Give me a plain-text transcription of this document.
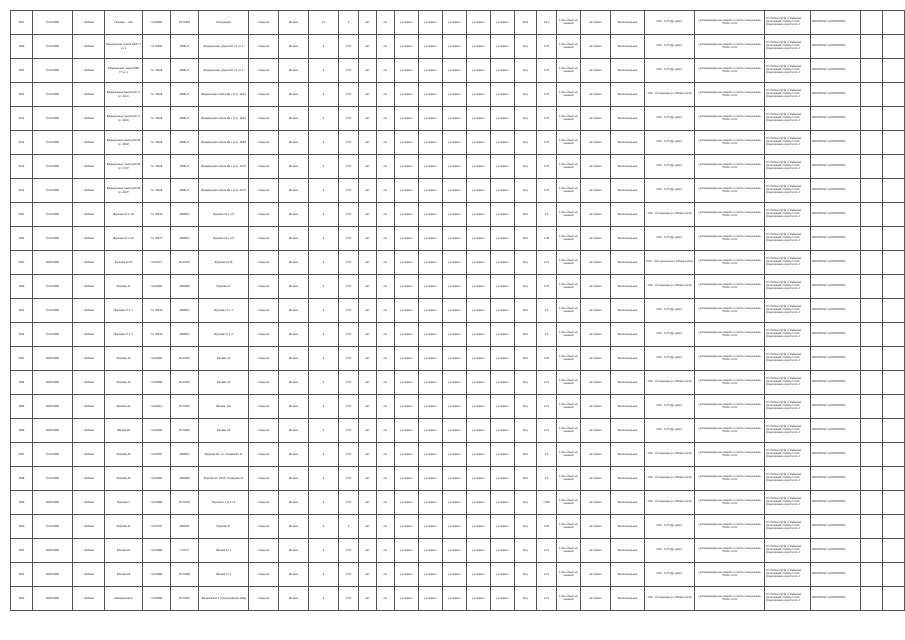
2467	07.03.2000	г. Рыбное	Упрощен ... вое	7а.00056	03.70618	Упрощенная	Открытая	Металл	41	1	нет	нет	не опасно	не опасно	не опасно	не опасно	не опасно	00 м	1.0 м	1 уров. объект нет сведений	не опасно	Муниципальная	ООО · П·ЛП (Дн. заявл.)	(программа/развитие) экономит. и участок с консультации ГПОО'» № 04	10 / Рыбное 200 кв. (Справочная проектная) ДЗ / Рыбное 1.10 кв. (Средственная нулев) 01 сост. 1	(05012/6/РЭ) 1 /Д (00/26/00/6/1)		
2469	07.03.2000	г. Рыбное	Федеральная трасса НЕХ 77 ул. 1	7а.79405	76/08.71	Федеральная трасса М1 / П ул. 1	Открытая	Металл	3	0.70	нет	нет	не опасно	не опасно	не опасно	не опасно	не опасно	40 д	1.70	1 уров. объект нет сведений	не опасно	Муниципальная	ООО · П·ЛП (Дн. заявл.)	(программа/развитие) экономит. и участок с консультации ГПОО'» № 04	10 / Рыбное 200 кв. (Справочная проектная) ДЗ / Рыбное 1.10 кв. (Средственная нулев) 01 сост. 1	(05012/6/РЭ) 1 /Д (00/26/00/6/1)		
2461	07.03.2000	г. Рыбное	Федеральная трасса МКН 77 ул. 1	7а. 76405	40/08.71	Федеральная трасса М1 / П ул. 1	Открытая	Металл	3	0.70	нет	нет	не опасно	не опасно	не опасно	не опасно	не опасно	40 д	1.70	1 уров. объект нет сведений	не опасно	Муниципальная	ООО · П·ЛП (Дн. заявл.)	(программа/развитие) экономит. и участок с консультации ГПОО'» № 04	10 / Рыбное 200 кв. (Справочная проектная) ДЗ / Рыбное 1.10 кв. (Средственная нулев) 01 сост. 1	(05012/6/РЭ) 1 /Д (00/26/00/6/1)		
2462	07.03.2000	г. Рыбное	Федеральная трасса МН 77 ул. 11/13	7а. 76405	40/08.71	Федеральная трасса М1 / П ул. 11/13	Открытая	Металл	3	0.70	нет	нет	не опасно	не опасно	не опасно	не опасно	не опасно	40 д	1.70	1 уров. объект нет сведений	не опасно	Муниципальная	ООО · Ситуационная ул. (Общая группа)	(программа/развитие) экономит. и участок с консультации ГПОО'» № 04	10 / Рыбное 200 кв. (Справочная проектная) ДЗ / Рыбное 1.10 кв. (Средственная нулев) 01 сост. 1	(05012/6/РЭ) 1 /Д (00/26/00/6/1)		
2471	07.03.2000	г. Рыбное	Федеральная трасса МН 77 ул. 14/16	7а. 76405	40/08.71	Федеральная трасса М1 / П ул. 14/16	Открытая	Металл	1	0.70	нет	нет	не опасно	не опасно	не опасно	не опасно	не опасно	40 д	1.70	1 уров. объект нет сведений	не опасно	Муниципальная	ООО · П·ЛП (Дн. заявл.)	(программа/развитие) экономит. и участок с консультации ГПОО'» № 04	10 / Рыбное 200 кв. (Справочная проектная) ДЗ / Рыбное 1.10 кв. (Средственная нулев) 01 сост. 1	(05012/6/РЭ) 1 /Д (00/26/00/6/1)		
2472	07.03.2000	г. Рыбное	Федеральная трасса МН 99 ул. 15/18	7а. 76405	40/08.71	Федеральная трасса М1 / Н ул. 15/18	Открытая	Металл	3	0.70	нет	нет	не опасно	не опасно	не опасно	не опасно	не опасно	40 д	1.70	1 уров. объект нет сведений	не опасно	Муниципальная	ООО · П·ЛП (Дн. заявл.)	(программа/развитие) экономит. и участок с консультации ГПОО'» № 04	10 / Рыбное 200 кв. (Справочная проектная) ДЗ / Рыбное 1.10 кв. (Средственная нулев) 01 сост. 1	(05012/6/РЭ) 1 /Д (00/26/00/6/1)		
2473	07.03.2000	г. Рыбное	Федеральная трасса МН 99 ул. 17/27	7а. 76405	76/08.71	Федеральная трасса М1 / Н ул. 17/27	Открытая	Металл	1	0.70	нет	нет	не опасно	не опасно	не опасно	не опасно	не опасно	40 д	1.70	1 уров. объект нет сведений	не опасно	Муниципальная	ООО · П·ЛП (Дн. заявл.)	(программа/развитие) экономит. и участок с консультации ГПОО'» № 04	10 / Рыбное 200 кв. (Справочная проектная) ДЗ / Рыбное 1.10 кв. (Средственная нулев) 01 сост. 1	(05012/6/РЭ) 1 /Д (00/26/00/6/1)		
2474	07.03.2000	г. Рыбное	Федеральная трасса МН 99 ул. 21/27	7а. 76405	40/08.71	Федеральная трасса М1 / Н ул. 21/27	Открытая	Металл	3	0.70	нет	нет	не опасно	не опасно	не опасно	не опасно	не опасно	40 д	1.70	1 уров. объект нет сведений	не опасно	Муниципальная	ООО · П·ЛП (Дн. заявл.)	(программа/развитие) экономит. и участок с консультации ГПОО'» № 04	10 / Рыбное 200 кв. (Справочная проектная) ДЗ / Рыбное 1.10 кв. (Средственная нулев) 01 сост. 1	(05012/6/РЭ) 1 /Д (00/26/00/6/1)		
2481	07.03.2000	г. Рыбное	Фурнова 31 к. 1/1	7а. 00576	40/09/04	Фурнова 31 к. 1/1	Открытая	Металл	3	0.70	нет	нет	не опасно	не опасно	не опасно	не опасно	не опасно	40 б	2.0	1 уров. объект нет сведений	не опасно	Муниципальная	ООО · Ситуационная ул. (Общая группа)	(программа/развитие) экономит. и участок с консультации ГПОО'» № 04	10 / Рыбное 200 кв. (Справочная проектная) ДЗ / Рыбное 1.10 кв. (Средственная нулев) 01 сост. 1	(05012/6/РЭ) 1 /Д (00/26/00/6/1)		
2482	07.03.2000	г. Рыбное	Фурнова 31 к. 2/1	7а. 00577	40/09/04	Фурнова 31 к. 2/1	Открытая	Металл	3	0.70	нет	нет	не опасно	не опасно	не опасно	не опасно	не опасно	40 б	1.45	1 уров. объект нет сведений	не опасно	Муниципальная	ООО · П·ЛП (Дн. заявл.)	(программа/развитие) экономит. и участок с консультации ГПОО'» № 04	10 / Рыбное 200 кв. (Справочная проектная) ДЗ / Рыбное 1.10 кв. (Средственная нулев) 01 сост. 1	(05012/6/РЭ) 1 /Д (00/26/00/6/1)		
2483	02/01/2000	г. Рыбное	Фурнова 12 20	7а.02077	20.20710	Фурнова 12 20	Открытая	Металл	3	0.70	нет	нет	не опасно	не опасно	не опасно	не опасно	не опасно	20 д	1.21	1 уров. объект нет сведений	не опасно	Муниципальная	ООО · П Хоз-деятельность (Общая группа)	(программа/развитие) экономит. и участок с консультации ГПОО'» № 04	10 / Рыбное 200 кв. (Справочная проектная) ДЗ / Рыбное 1.10 кв. (Средственная нулев) 01 сост. 1	(05012/6/РЭ) 1 /Д (00/26/00/6/1)		
2469	07.03.2000	г. Рыбное	Фурнова 17	7а.00490	40/04/08	Фурнова 17	Открытая	Металл	1	0.70	нет	нет	не опасно	не опасно	не опасно	не опасно	не опасно	40 д	1.70	1 уров. объект нет сведений	не опасно	Муниципальная	ООО · Ситуационная ул. (Общая группа)	(программа/развитие) экономит. и участок с консультации ГПОО'» № 04	10 / Рыбное 200 кв. (Справочная проектная) ДЗ / Рыбное 1.10 кв. (Средственная нулев) 01 сост. 1	(05012/6/РЭ) 1 /Д (00/26/00/6/1)		
2441	07.03.2000	г. Рыбное	Фурнова 17 к. 1	7а. 00576	40/09/04	Фурнова 17 к. 1	Открытая	Металл	3	0.70	нет	нет	не опасно	не опасно	не опасно	не опасно	не опасно	40 б	2.0	1 уров. объект нет сведений	не опасно	Муниципальная	ООО · П·ЛП (Дн. заявл.)	(программа/развитие) экономит. и участок с консультации ГПОО'» № 04	10 / Рыбное 200 кв. (Справочная проектная) ДЗ / Рыбное 1.10 кв. (Средственная нулев) 01 сост. 1	(05012/6/РЭ) 1 /Д (00/26/00/6/1)		
2442	07.03.2000	г. Рыбное	Фурнова 17 к. 2	7а. 00576	40/09/04	Фурнова 17 к. 2	Открытая	Металл	3	0.70	нет	нет	не опасно	не опасно	не опасно	не опасно	не опасно	40 б	2.0	1 уров. объект нет сведений	не опасно	Муниципальная	ООО · П·ЛП (Дн. заявл.)	(программа/развитие) экономит. и участок с консультации ГПОО'» № 04	10 / Рыбное 200 кв. (Справочная проектная) ДЗ / Рыбное 1.10 кв. (Средственная нулев) 01 сост. 1	(05012/6/РЭ) 1 /Д (00/26/00/6/1)		
2451	02/01/2000	г. Рыбное	Фурнова 10	7а.00490	20.20142	Фасова, 10	Открытая	Металл	3	0.70	нет	нет	не опасно	не опасно	не опасно	не опасно	не опасно	40 б	2.00	1 уров. объект нет сведений	не опасно	Муниципальная	ООО · П·ЛП (Дн. заявл.)	(программа/развитие) экономит. и участок с консультации ГПОО'» № 04	10 / Рыбное 200 кв. (Справочная проектная) ДЗ / Рыбное 1.10 кв. (Средственная нулев) 01 сост. 1	(05012/6/РЭ) 1 /Д (00/26/00/6/1)		
2454	02/01/2000	г. Рыбное	Фурнова 10	7а.02089	20.20142	Фасова, 13	Открытая	Металл	1	0.70	нет	нет	не опасно	не опасно	не опасно	не опасно	не опасно	20 д	1.21	1 уров. объект нет сведений	не опасно	Муниципальная	ООО · Ситуационная ул. (Общая группа)	(программа/развитие) экономит. и участок с консультации ГПОО'» № 04	10 / Рыбное 200 кв. (Справочная проектная) ДЗ / Рыбное 1.10 кв. (Средственная нулев) 01 сост. 1	(05012/6/РЭ) 1 /Д (00/26/00/6/1)		
2455	02/01/2000	г. Рыбное	Фасова 14а	7а.00214	20.70212	Фасова, 14а	Открытая	Металл	3	0.70	нет	нет	не опасно	не опасно	не опасно	не опасно	не опасно	20 д	1.21	1 уров. объект нет сведений	не опасно	Муниципальная	ООО · П·ЛП (Дн. заявл.)	(программа/развитие) экономит. и участок с консультации ГПОО'» № 04	10 / Рыбное 200 кв. (Справочная проектная) ДЗ / Рыбное 1.10 кв. (Средственная нулев) 01 сост. 1	(05012/6/РЭ) 1 /Д (00/26/00/6/1)		
2456	02/01/2000	г. Рыбное	Фасова 18	7а.02209	20.70921	Фасова, 18	Открытая	Металл	1	0.70	нет	нет	не опасно	не опасно	не опасно	не опасно	не опасно	20 д	1.21	1 уров. объект нет сведений	не опасно	Муниципальная	ООО · П·ЛП (Дн. заявл.)	(программа/развитие) экономит. и участок с консультации ГПОО'» № 04	10 / Рыбное 200 кв. (Справочная проектная) ДЗ / Рыбное 1.10 кв. (Средственная нулев) 01 сост. 1	(05012/6/РЭ) 1 /Д (00/26/00/6/1)		
2457	07.03.2000	г. Рыбное	Фурнова 26	7а.00576	40/09/04	Фурнова 26 / 2 к. Складская 11	Открытая	Металл	3	0.70	нет	нет	не опасно	не опасно	не опасно	не опасно	не опасно	40 б	2.0	1 уров. объект нет сведений	не опасно	Муниципальная	ООО · Ситуационная ул. (Общая группа)	(программа/развитие) экономит. и участок с консультации ГПОО'» № 04	10 / Рыбное 200 кв. (Справочная проектная) ДЗ / Рыбное 1.10 кв. (Средственная нулев) 01 сост. 1	(05012/6/РЭ) 1 /Д (00/26/00/6/1)		
2458	07.03.2000	г. Рыбное	Фурнова 26	7а.00466	40/04/08	Фурнова 26, 26/75, Складская 27	Открытая	Металл	3	0.70	нет	нет	не опасно	не опасно	не опасно	не опасно	не опасно	40 б	2.0	1 уров. объект нет сведений	не опасно	Муниципальная	ООО · Ситуационная ул. (Общая группа)	(программа/развитие) экономит. и участок с консультации ГПОО'» № 04	10 / Рыбное 200 кв. (Справочная проектная) ДЗ / Рыбное 1.10 кв. (Средственная нулев) 01 сост. 1	(05012/6/РЭ) 1 /Д (00/26/00/6/1)		
2459	02/01/2000	г. Рыбное	Фурнова 1	7а.00389	20.70712	Фурнова 1 / Д. 2 / 3	Открытая	Металл	3	0.70	нет	нет	не опасно	не опасно	не опасно	не опасно	не опасно	40 д	1.945	1 уров. объект нет сведений	не опасно	Муниципальная	ООО · Ситуационная ул. (Общая группа)	(программа/развитие) экономит. и участок с консультации ГПОО'» № 04	10 / Рыбное 200 кв. (Справочная проектная) ДЗ / Рыбное 1.10 кв. (Средственная нулев) 01 сост. 1	(05012/6/РЭ) 1 /Д (00/26/00/6/1)		
2460	07.03.2000	г. Рыбное	Фурнова 37	7а.00776	40/04/21	Фурнова 37	Открытая	Металл	4	1	нет	нет	не опасно	не опасно	не опасно	не опасно	не опасно	40 д	2.00	1 уров. объект нет сведений	не опасно	Муниципальная	ООО · П·ЛП (Дн. заявл.)	(программа/развитие) экономит. и участок с консультации ГПОО'» № 04	10 / Рыбное 200 кв. (Справочная проектная) ДЗ / Рыбное 1.10 кв. (Средственная нулев) 01 сост. 1	(05012/6/РЭ) 1 /Д (00/26/00/6/1)		
2461	02/01/2000	г. Рыбное	Фасова 2/1	7а.00389	7.07/71	Фасова 2 / 1	Открытая	Металл	3	0.70	нет	нет	не опасно	не опасно	не опасно	не опасно	не опасно	20 д	1.21	1 уров. объект нет сведений	не опасно	Муниципальная	ООО · П·ЛП (Дн. заявл.)	(программа/развитие) экономит. и участок с консультации ГПОО'» № 04	10 / Рыбное 200 кв. (Справочная проектная) ДЗ / Рыбное 1.10 кв. (Средственная нулев) 01 сост. 1	(05012/6/РЭ) 1 /Д (00/26/00/6/1)		
2462	02/01/2000	г. Рыбное	Фасова 2/2	7а.00389	20.70409	Фасова 2 / 2	Открытая	Металл	3	0.70	нет	нет	не опасно	не опасно	не опасно	не опасно	не опасно	20 д	1.21	1 уров. объект нет сведений	не опасно	Муниципальная	ООО · П·ЛП (Дн. заявл.)	(программа/развитие) экономит. и участок с консультации ГПОО'» № 04	10 / Рыбное 200 кв. (Справочная проектная) ДЗ / Рыбное 1.10 кв. (Средственная нулев) 01 сост. 1	(05012/6/РЭ) 1 /Д (00/26/00/6/1)		
2463	02/01/2000	г. Рыбное	Фасовинская 2	7а.02089	20.70212	Фасовинская 2 / Григорьевская 4/ЖД	Открытая	Металл	3	0.70	нет	нет	не опасно	не опасно	не опасно	не опасно	не опасно	20 д	1.21	1 уров. объект нет сведений	не опасно	Муниципальная	ООО · Ситуационная ул. (Общая группа)	(программа/развитие) экономит. и участок с консультации ГПОО'» № 04	10 / Рыбное 200 кв. (Справочная проектная) ДЗ / Рыбное 1.10 кв. (Средственная нулев) 01 сост. 1	(05012/6/РЭ) 1 /Д (00/26/00/6/1)		
